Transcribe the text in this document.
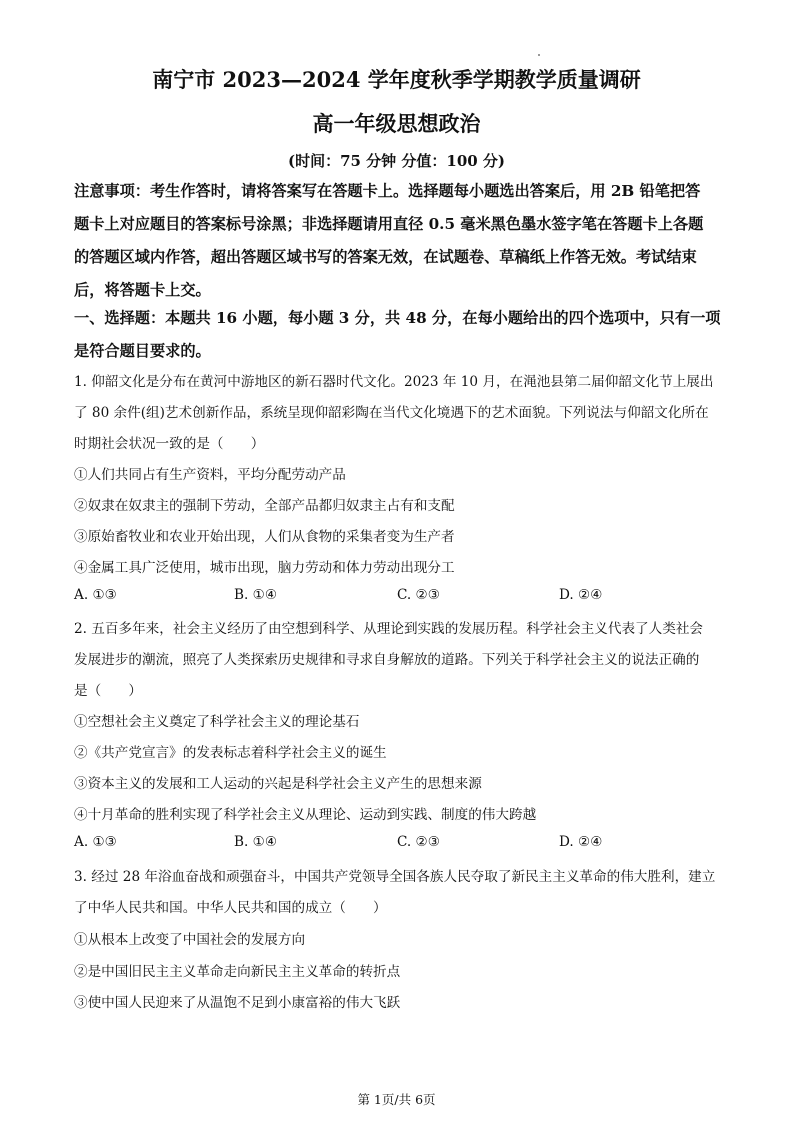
南宁市 2023—2024 学年度秋季学期教学质量调研
高一年级思想政治
(时间：75 分钟 分值：100 分)
注意事项：考生作答时，请将答案写在答题卡上。选择题每小题选出答案后，用 2B 铅笔把答
题卡上对应题目的答案标号涂黑；非选择题请用直径 0.5 毫米黑色墨水签字笔在答题卡上各题
的答题区域内作答，超出答题区域书写的答案无效，在试题卷、草稿纸上作答无效。考试结束
后，将答题卡上交。
一、选择题：本题共 16 小题，每小题 3 分，共 48 分，在每小题给出的四个选项中，只有一项
是符合题目要求的。
1. 仰韶文化是分布在黄河中游地区的新石器时代文化。2023 年 10 月，在渑池县第二届仰韶文化节上展出
了 80 余件(组)艺术创新作品，系统呈现仰韶彩陶在当代文化境遇下的艺术面貌。下列说法与仰韶文化所在
时期社会状况一致的是（　　）
①人们共同占有生产资料，平均分配劳动产品
②奴隶在奴隶主的强制下劳动，全部产品都归奴隶主占有和支配
③原始畜牧业和农业开始出现，人们从食物的采集者变为生产者
④金属工具广泛使用，城市出现，脑力劳动和体力劳动出现分工
A. ①③	B. ①④	C. ②③	D. ②④
2. 五百多年来，社会主义经历了由空想到科学、从理论到实践的发展历程。科学社会主义代表了人类社会
发展进步的潮流，照亮了人类探索历史规律和寻求自身解放的道路。下列关于科学社会主义的说法正确的
是（　　）
①空想社会主义奠定了科学社会主义的理论基石
②《共产党宣言》的发表标志着科学社会主义的诞生
③资本主义的发展和工人运动的兴起是科学社会主义产生的思想来源
④十月革命的胜利实现了科学社会主义从理论、运动到实践、制度的伟大跨越
A. ①③	B. ①④	C. ②③	D. ②④
3. 经过 28 年浴血奋战和顽强奋斗，中国共产党领导全国各族人民夺取了新民主主义革命的伟大胜利，建立
了中华人民共和国。中华人民共和国的成立（　　）
①从根本上改变了中国社会的发展方向
②是中国旧民主主义革命走向新民主主义革命的转折点
③使中国人民迎来了从温饱不足到小康富裕的伟大飞跃
第 1页/共 6页
